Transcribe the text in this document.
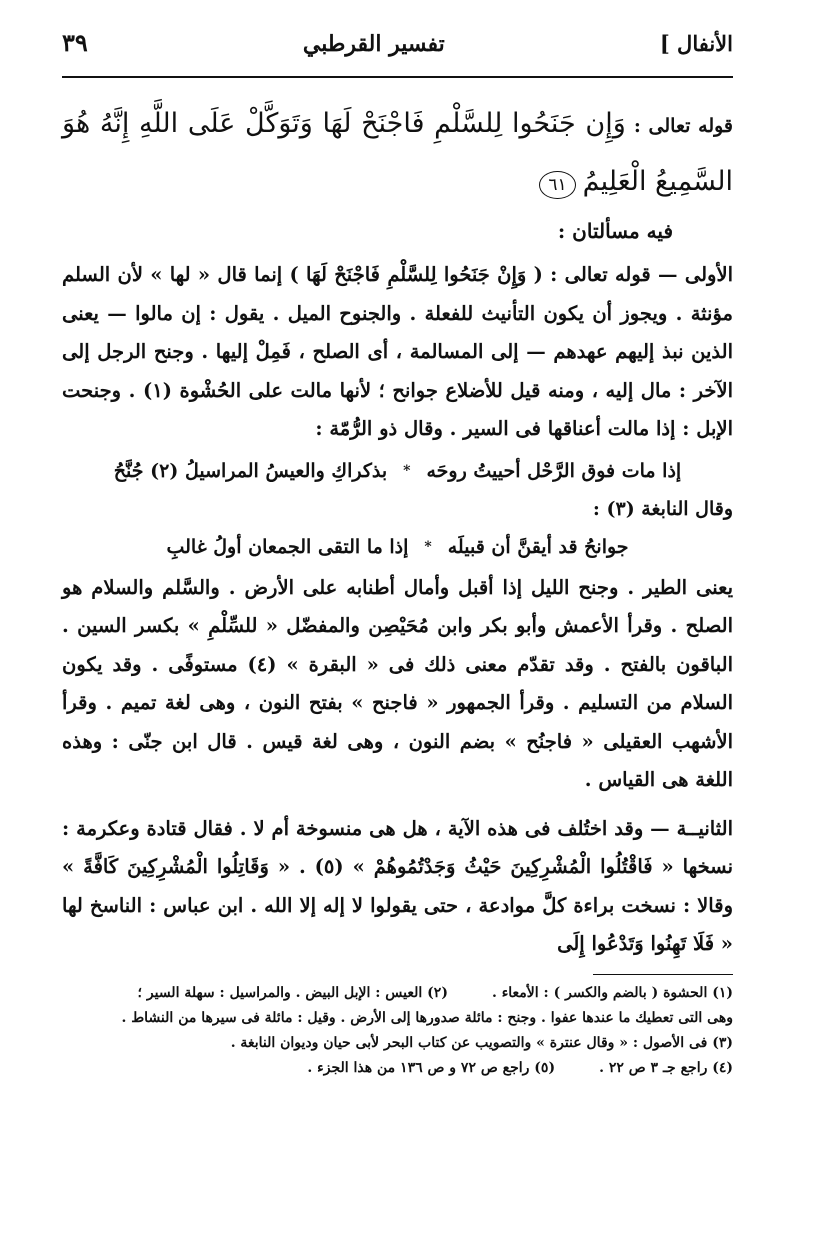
الأنفال ]
تفسير القرطبي
٣٩
قوله تعالى : وَإِن جَنَحُوا لِلسَّلْمِ فَاجْنَحْ لَهَا وَتَوَكَّلْ عَلَى اللَّهِ إِنَّهُ هُوَ السَّمِيعُ الْعَلِيمُ ٦١
فيه مسألتان :

الأولى — قوله تعالى : ( وَإِنْ جَنَحُوا لِلسَّلْمِ فَاجْنَحْ لَهَا ) إنما قال « لها » لأن السلم مؤنثة . ويجوز أن يكون التأنيث للفعلة . والجنوح الميل . يقول : إن مالوا — يعنى الذين نبذ إليهم عهدهم — إلى المسالمة ، أى الصلح ، فَمِلْ إليها . وجنح الرجل إلى الآخر : مال إليه ، ومنه قيل للأضلاع جوانح ؛ لأنها مالت على الحُشْوة (١) . وجنحت الإبل : إذا مالت أعناقها فى السير . وقال ذو الرُّمّة :

إذا مات فوق الرَّحْل أحييتُ روحَه
*
بذكراكِ والعيسُ المراسيلُ (٢) جُنَّحُ
وقال النابغة (٣) :
جوانحُ قد أيقنَّ أن قبيلَه
*
إذا ما التقى الجمعان أولُ غالبِ

يعنى الطير . وجنح الليل إذا أقبل وأمال أطنابه على الأرض . والسَّلم والسلام هو الصلح . وقرأ الأعمش وأبو بكر وابن مُحَيْصِن والمفضّل « للسِّلْمِ » بكسر السين . الباقون بالفتح . وقد تقدّم معنى ذلك فى « البقرة » (٤) مستوفًى . وقد يكون السلام من التسليم . وقرأ الجمهور « فاجنح » بفتح النون ، وهى لغة تميم . وقرأ الأشهب العقيلى « فاجنُح » بضم النون ، وهى لغة قيس . قال ابن جنّى : وهذه اللغة هى القياس .

الثانيــة — وقد اختُلف فى هذه الآية ، هل هى منسوخة أم لا . فقال قتادة وعكرمة : نسخها « فَاقْتُلُوا الْمُشْرِكِينَ حَيْثُ وَجَدْتُمُوهُمْ » (٥) . « وَقَاتِلُوا الْمُشْرِكِينَ كَافَّةً » وقالا : نسخت براءة كلَّ موادعة ، حتى يقولوا لا إله إلا الله . ابن عباس : الناسخ لها « فَلَا تَهِنُوا وَتَدْعُوا إِلَى

(١) الحشوة ( بالضم والكسر ) : الأمعاء .

(٢) العيس : الإبل البيض . والمراسيل : سهلة السير ؛

وهى التى تعطيك ما عندها عفوا . وجنح : مائلة صدورها إلى الأرض . وقيل : مائلة فى سيرها من النشاط .

(٣) فى الأصول : « وقال عنترة » والتصويب عن كتاب البحر لأبى حيان وديوان النابغة .

(٤) راجع جـ ٣ ص ٢٢ .

(٥) راجع ص ٧٢ و ص ١٣٦ من هذا الجزء .
